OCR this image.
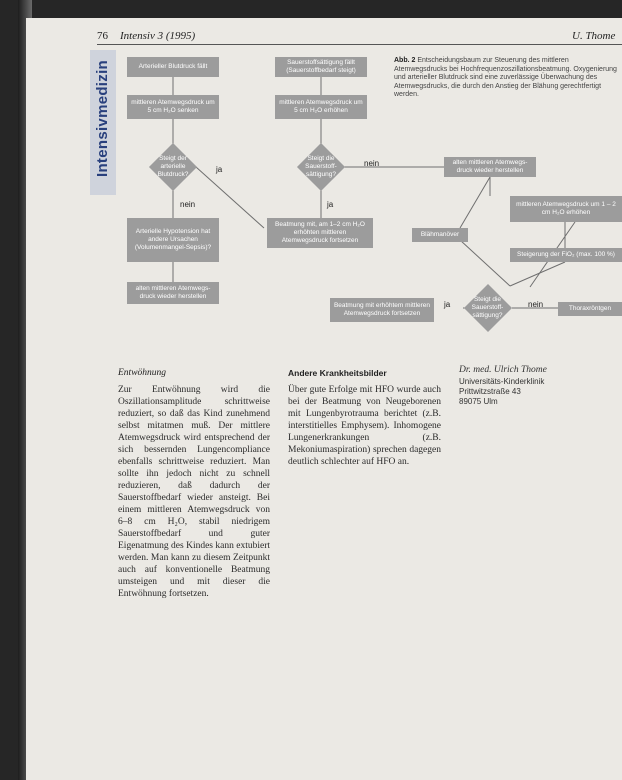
76 Intensiv 3 (1995)	U. Thome
Intensivmedizin	Arterieller Blutdruck fällt
mittleren Atemwegsdruck um 5 cm H₂O senken
Steigt der arterielle Blutdruck?
ja
nein
Arterielle Hypotension hat andere Ursachen (Volumenmangel-Sepsis)?
alten mittleren Atemwegs-druck wieder herstellen
Sauerstoffsättigung fällt (Sauerstoffbedarf steigt)
mittleren Atemwegsdruck um 5 cm H₂O erhöhen
Steigt die Sauerstoff-sättigung?
nein
ja
Beatmung mit, am 1–2 cm H₂O erhöhten mittleren Atemwegsdruck fortsetzen
alten mittleren Atemwegs-druck wieder herstellen
mittleren Atemwegsdruck um 1 – 2 cm H₂O erhöhen
Blähmanöver
Steigerung der FiO₂ (max. 100 %)
Steigt die Sauerstoff-sättigung?
ja	nein
Beatmung mit erhöhtem mittleren Atemwegsdruck fortsetzen
Thoraxröntgen
Abb. 2 Entscheidungsbaum zur Steuerung des mittleren Atemwegsdrucks bei Hochfrequenzoszillationsbeatmung. Oxygenierung und arterieller Blutdruck sind eine zuverlässige Überwachung des Atemwegsdrucks, die durch den Anstieg der Blähung gerechtfertigt werden.
Entwöhnung
Zur Entwöhnung wird die Oszillationsamplitude schrittweise reduziert, so daß das Kind zunehmend selbst mitatmen muß. Der mittlere Atemwegsdruck wird entsprechend der sich bessernden Lungencompliance ebenfalls schrittweise reduziert. Man sollte ihn jedoch nicht zu schnell reduzieren, daß dadurch der Sauerstoffbedarf wieder ansteigt. Bei einem mittleren Atemwegsdruck von 6–8 cm H₂O, stabil niedrigem Sauerstoffbedarf und guter Eigenatmung des Kindes kann extubiert werden. Man kann zu diesem Zeitpunkt auch auf konventionelle Beatmung umsteigen und mit dieser die Entwöhnung fortsetzen.
Andere Krankheitsbilder
Über gute Erfolge mit HFO wurde auch bei der Beatmung von Neugeborenen mit Lungenbyrotrauma berichtet (z.B. interstitielles Emphysem). Inhomogene Lungenerkrankungen (z.B. Mekoniumaspiration) sprechen dagegen deutlich schlechter auf HFO an.
Dr. med. Ulrich Thome
Universitäts-Kinderklinik
Prittwitzstraße 43
89075 Ulm
